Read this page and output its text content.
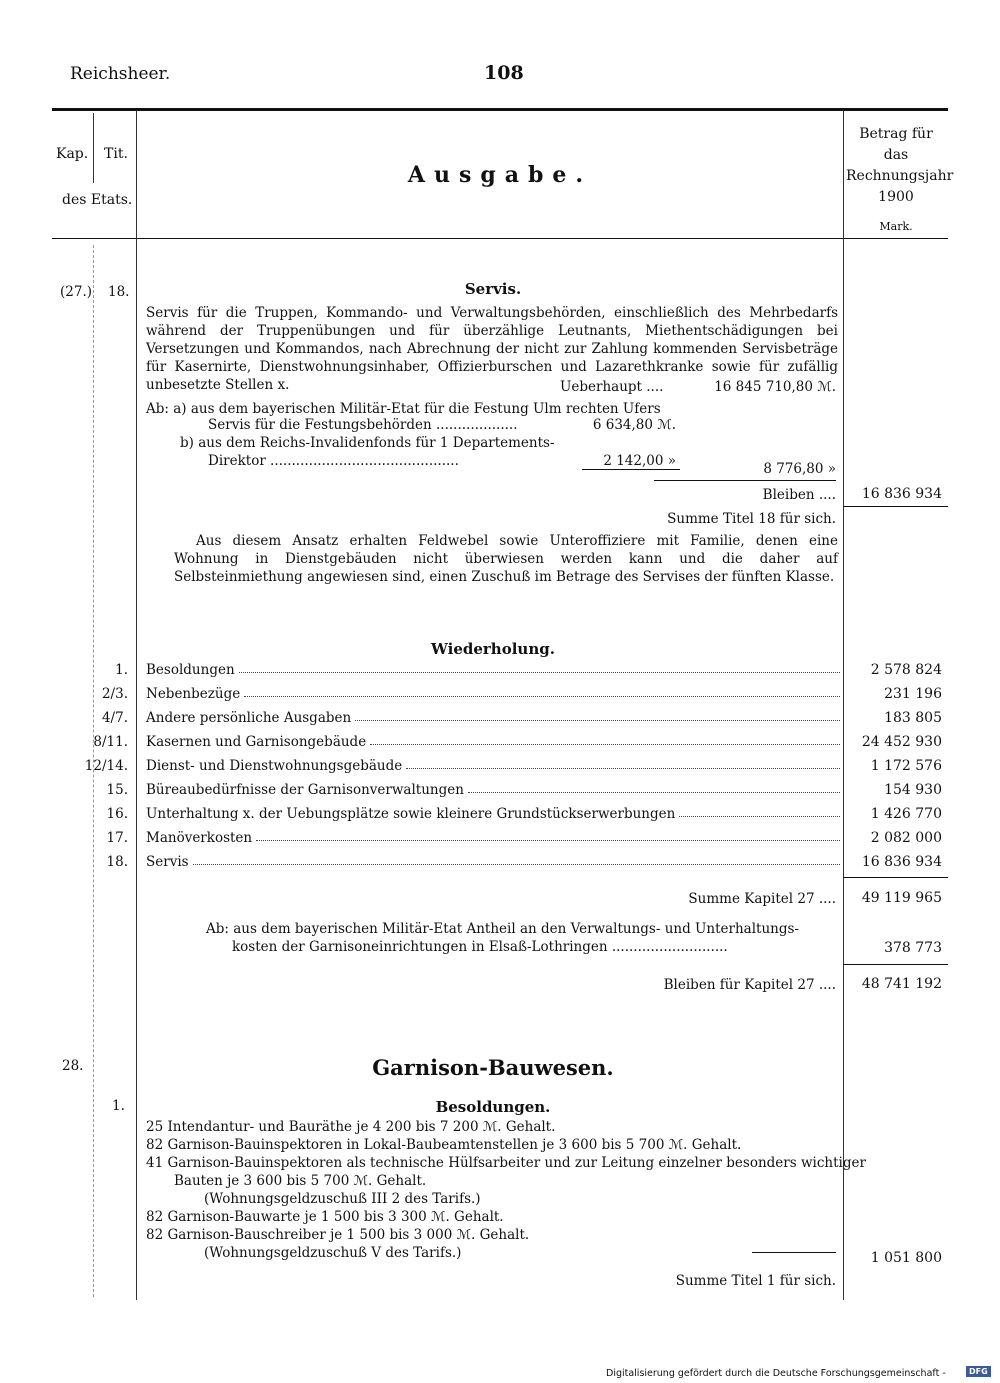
Reichsheer.	108
Kap. Tit.
des Etats.
Ausgabe.
Betrag für das Rechnungsjahr 1900
Mark.
(27.) 18.	Servis.
Servis für die Truppen, Kommando- und Verwaltungsbehörden, einschließlich des Mehrbedarfs während der Truppenübungen und für überzählige Leutnants, Miethentschädigungen bei Versetzungen und Kommandos, nach Abrechnung der nicht zur Zahlung kommenden Servisbeträge für Kasernirte, Dienstwohnungsinhaber, Offizierburschen und Lazarethkranke sowie für zufällig unbesetzte Stellen x.	Ueberhaupt ....	16 845 710,80 ℳ.
Ab: a) aus dem bayerischen Militär-Etat für die Festung Ulm rechten Ufers
Servis für die Festungsbehörden ...................	6 634,80 ℳ.
b) aus dem Reichs-Invalidenfonds für 1 Departements-
Direktor ............................................	2 142,00 »	8 776,80 »
Bleiben ....	16 836 934
Summe Titel 18 für sich.
Aus diesem Ansatz erhalten Feldwebel sowie Unteroffiziere mit Familie, denen eine Wohnung in Dienstgebäuden nicht überwiesen werden kann und die daher auf Selbsteinmiethung angewiesen sind, einen Zuschuß im Betrage des Servises der fünften Klasse.
Wiederholung.
1. Besoldungen	2 578 824
2/3. Nebenbezüge	231 196
4/7. Andere persönliche Ausgaben	183 805
8/11. Kasernen und Garnisongebäude	24 452 930
12/14. Dienst- und Dienstwohnungsgebäude	1 172 576
15. Büreaubedürfnisse der Garnisonverwaltungen	154 930
16. Unterhaltung x. der Uebungsplätze sowie kleinere Grundstückserwerbungen	1 426 770
17. Manöverkosten	2 082 000
18. Servis	16 836 934
Summe Kapitel 27 ....	49 119 965
Ab: aus dem bayerischen Militär-Etat Antheil an den Verwaltungs- und Unterhaltungs-
kosten der Garnisoneinrichtungen in Elsaß-Lothringen ...........................	378 773
Bleiben für Kapitel 27 ....	48 741 192
28.	Garnison-Bauwesen.
1.	Besoldungen.
25 Intendantur- und Bauräthe je 4 200 bis 7 200 ℳ. Gehalt.
82 Garnison-Bauinspektoren in Lokal-Baubeamtenstellen je 3 600 bis 5 700 ℳ. Gehalt.
41 Garnison-Bauinspektoren als technische Hülfsarbeiter und zur Leitung einzelner besonders wichtiger
Bauten je 3 600 bis 5 700 ℳ. Gehalt.
(Wohnungsgeldzuschuß III 2 des Tarifs.)
82 Garnison-Bauwarte je 1 500 bis 3 300 ℳ. Gehalt.
82 Garnison-Bauschreiber je 1 500 bis 3 000 ℳ. Gehalt.
(Wohnungsgeldzuschuß V des Tarifs.)	1 051 800
Summe Titel 1 für sich.
Digitalisierung gefördert durch die Deutsche Forschungsgemeinschaft -	DFG
